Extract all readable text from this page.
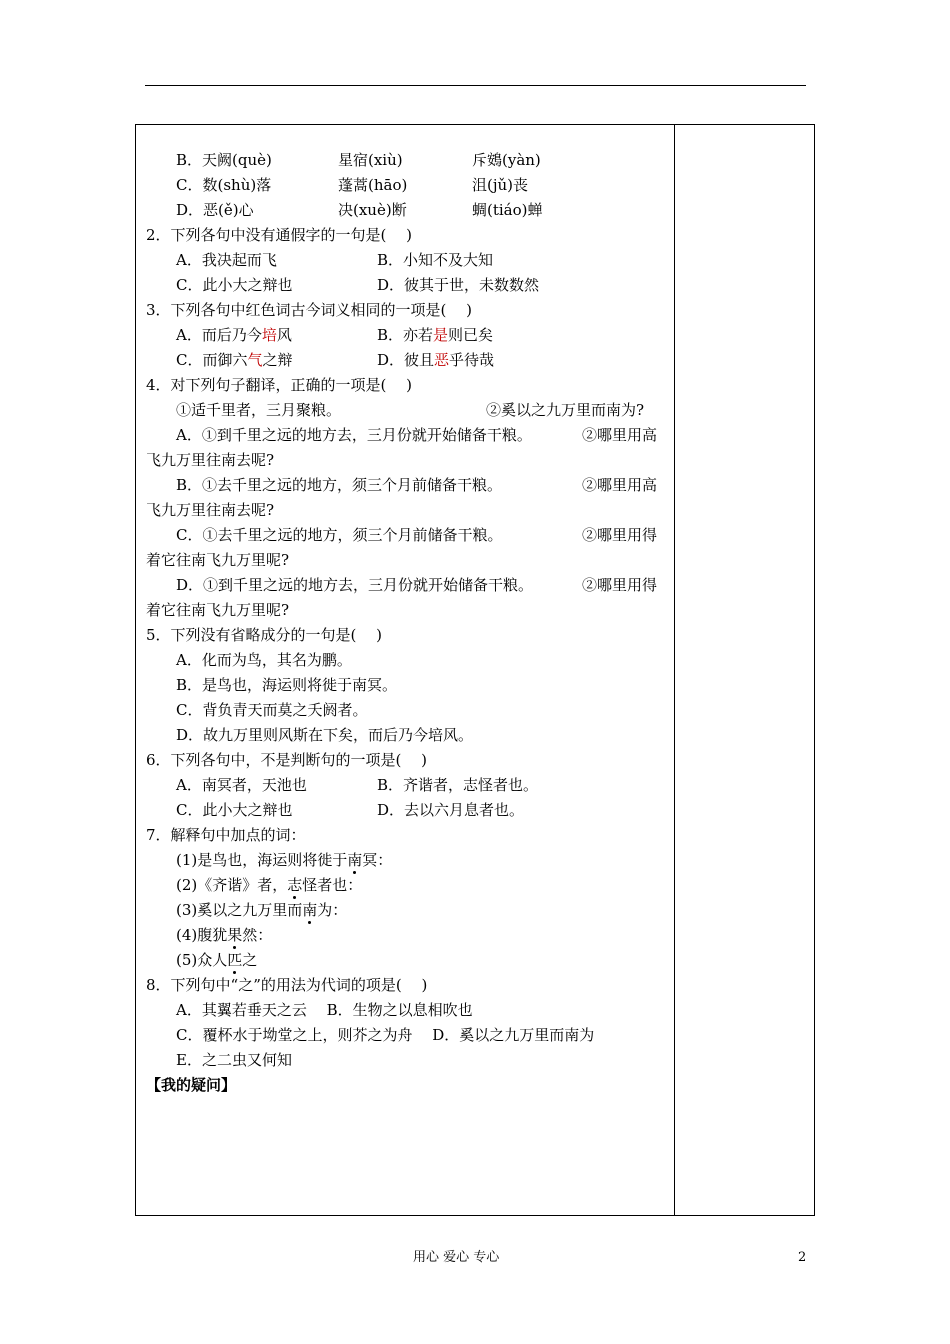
B．天阙(què)	星宿(xiù)	斥鴳(yàn)
C．数(shù)落	蓬蒿(hāo)	沮(jǔ)丧
D．恶(ě)心	决(xuè)断	蜩(tiáo)蝉
2．下列各句中没有通假字的一句是(　 )
A．我决起而飞	B．小知不及大知
C．此小大之辩也	D．彼其于世，未数数然
3．下列各句中红色词古今词义相同的一项是(　 )
A．而后乃今培风	B．亦若是则已矣
C．而御六气之辩	D．彼且恶乎待哉
4．对下列句子翻译，正确的一项是(　 )
①适千里者，三月聚粮。	②奚以之九万里而南为?
A．①到千里之远的地方去，三月份就开始储备干粮。	②哪里用高
飞九万里往南去呢?
B．①去千里之远的地方，须三个月前储备干粮。	②哪里用高
飞九万里往南去呢?
C．①去千里之远的地方，须三个月前储备干粮。	②哪里用得
着它往南飞九万里呢?
D．①到千里之远的地方去，三月份就开始储备干粮。	②哪里用得
着它往南飞九万里呢?
5．下列没有省略成分的一句是(　 )
A．化而为鸟，其名为鹏。
B．是鸟也，海运则将徙于南冥。
C．背负青天而莫之夭阏者。
D．故九万里则风斯在下矣，而后乃今培风。
6．下列各句中，不是判断句的一项是(　 )
A．南冥者，天池也	B．齐谐者，志怪者也。
C．此小大之辩也	D．去以六月息者也。
7．解释句中加点的词：
(1)是鸟也，海运则将徙于南冥：
(2)《齐谐》者，志怪者也：
(3)奚以之九万里而南为：
(4)腹犹果然：
(5)众人匹之
8．下列句中“之”的用法为代词的项是(　 )
A．其翼若垂天之云　 B．生物之以息相吹也
C．覆杯水于坳堂之上，则芥之为舟　 D．奚以之九万里而南为
E．之二虫又何知
【我的疑问】
用心 爱心 专心	2
